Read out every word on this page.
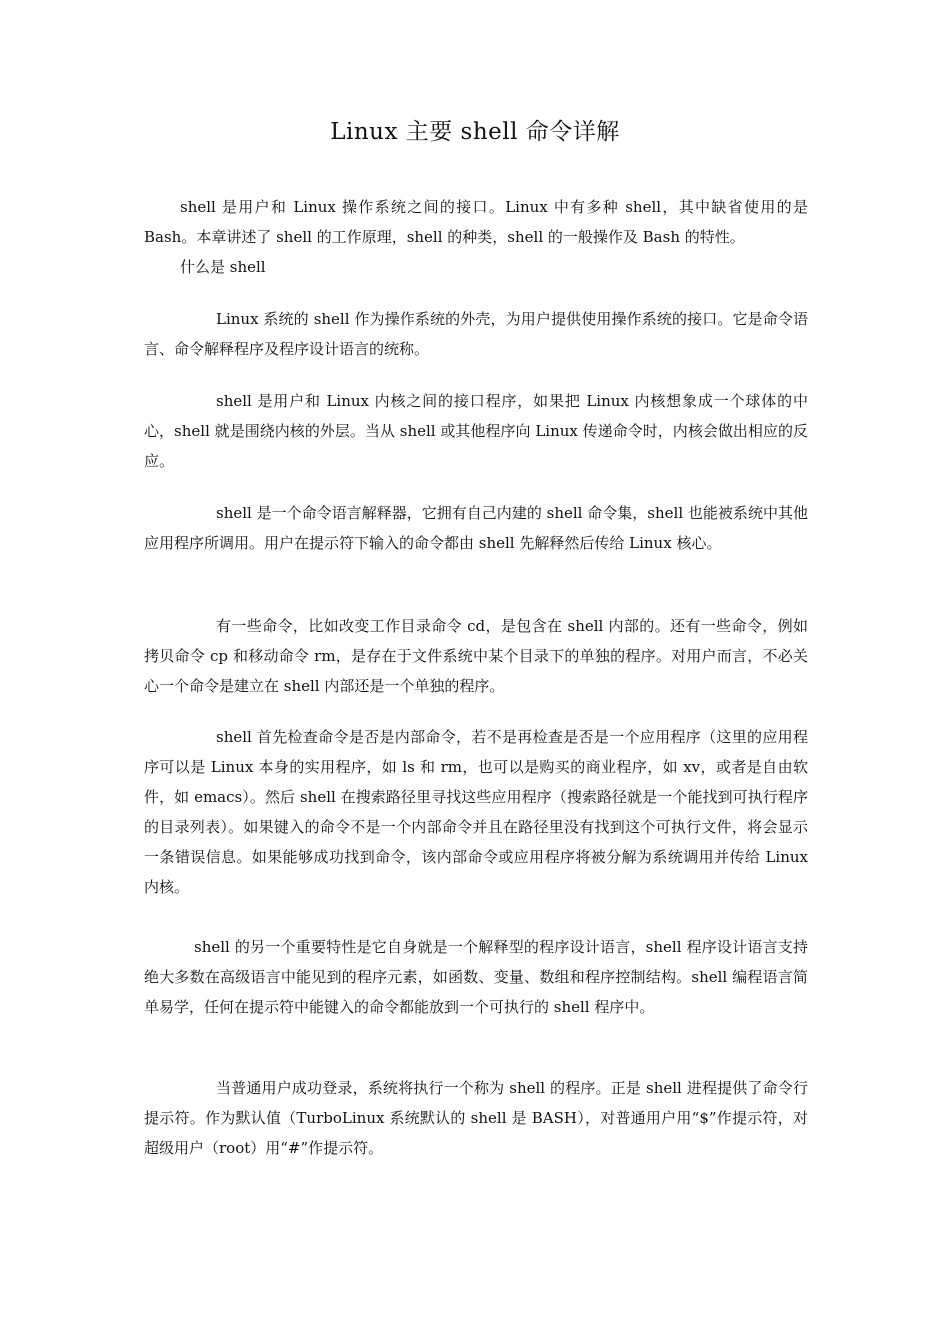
Linux 主要 shell 命令详解

shell 是用户和 Linux 操作系统之间的接口。Linux 中有多种 shell，其中缺省使用的是 Bash。本章讲述了 shell 的工作原理，shell 的种类，shell 的一般操作及 Bash 的特性。

什么是 shell

Linux 系统的 shell 作为操作系统的外壳，为用户提供使用操作系统的接口。它是命令语言、命令解释程序及程序设计语言的统称。

shell 是用户和 Linux 内核之间的接口程序，如果把 Linux 内核想象成一个球体的中心，shell 就是围绕内核的外层。当从 shell 或其他程序向 Linux 传递命令时，内核会做出相应的反应。

shell 是一个命令语言解释器，它拥有自己内建的 shell 命令集，shell 也能被系统中其他应用程序所调用。用户在提示符下输入的命令都由 shell 先解释然后传给 Linux 核心。

有一些命令，比如改变工作目录命令 cd，是包含在 shell 内部的。还有一些命令，例如拷贝命令 cp 和移动命令 rm，是存在于文件系统中某个目录下的单独的程序。对用户而言，不必关心一个命令是建立在 shell 内部还是一个单独的程序。

shell 首先检查命令是否是内部命令，若不是再检查是否是一个应用程序（这里的应用程序可以是 Linux 本身的实用程序，如 ls 和 rm，也可以是购买的商业程序，如 xv，或者是自由软件，如 emacs）。然后 shell 在搜索路径里寻找这些应用程序（搜索路径就是一个能找到可执行程序的目录列表）。如果键入的命令不是一个内部命令并且在路径里没有找到这个可执行文件，将会显示一条错误信息。如果能够成功找到命令，该内部命令或应用程序将被分解为系统调用并传给 Linux 内核。

shell 的另一个重要特性是它自身就是一个解释型的程序设计语言，shell 程序设计语言支持绝大多数在高级语言中能见到的程序元素，如函数、变量、数组和程序控制结构。shell 编程语言简单易学，任何在提示符中能键入的命令都能放到一个可执行的 shell 程序中。

当普通用户成功登录，系统将执行一个称为 shell 的程序。正是 shell 进程提供了命令行提示符。作为默认值（TurboLinux 系统默认的 shell 是 BASH），对普通用户用“$”作提示符，对超级用户（root）用“#”作提示符。
